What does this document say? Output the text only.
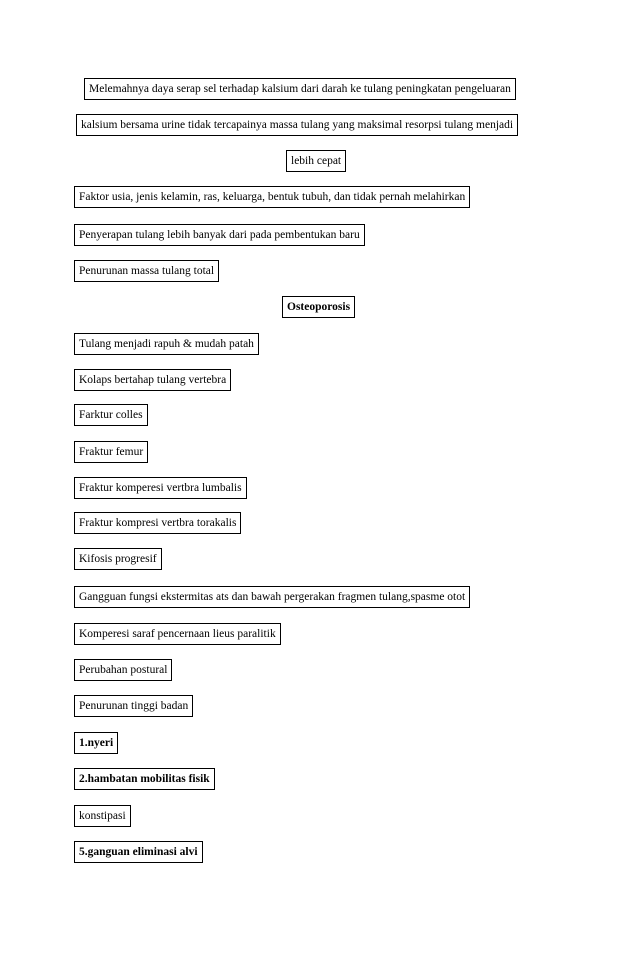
Melemahnya daya serap sel terhadap kalsium dari darah ke tulang peningkatan pengeluaran
kalsium bersama urine tidak tercapainya massa tulang yang maksimal resorpsi tulang menjadi
lebih cepat
Faktor usia, jenis kelamin, ras, keluarga, bentuk tubuh, dan tidak pernah melahirkan
Penyerapan tulang lebih banyak dari pada pembentukan baru
Penurunan massa tulang total
Osteoporosis
Tulang menjadi rapuh & mudah patah
Kolaps bertahap tulang vertebra
Farktur colles
Fraktur femur
Fraktur komperesi vertbra lumbalis
Fraktur kompresi vertbra torakalis
Kifosis progresif
Gangguan fungsi ekstermitas ats dan bawah pergerakan fragmen tulang,spasme otot
Komperesi saraf pencernaan lieus paralitik
Perubahan postural
Penurunan tinggi badan
1.nyeri
2.hambatan mobilitas fisik
konstipasi
5.ganguan eliminasi alvi
